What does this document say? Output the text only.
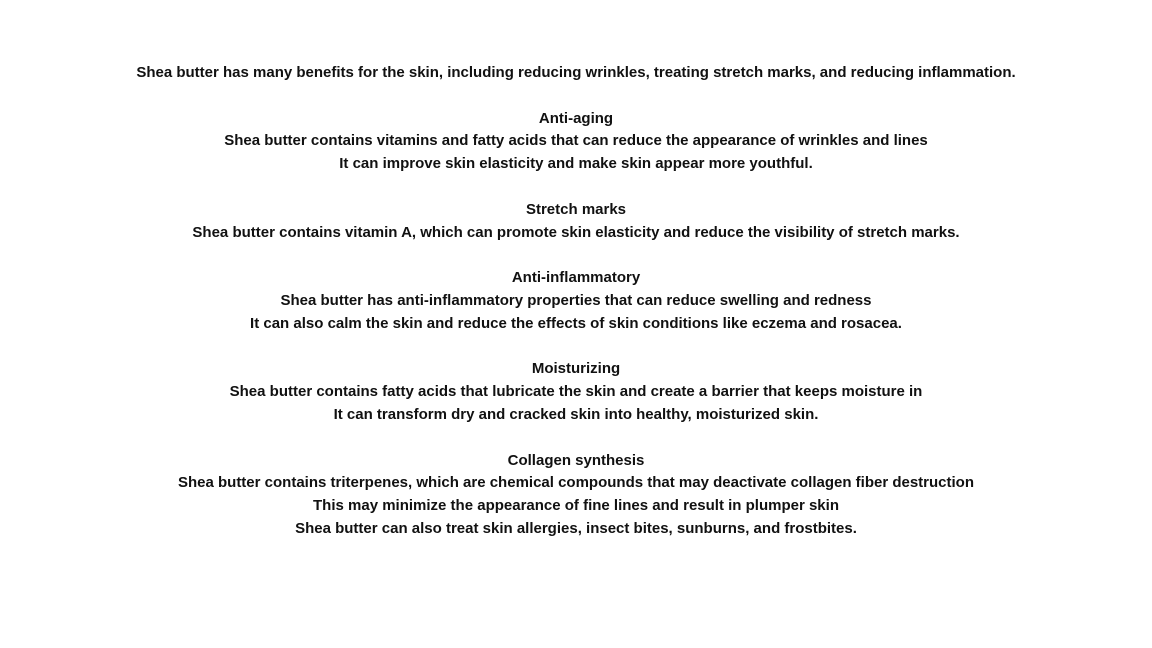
Shea butter has many benefits for the skin, including reducing wrinkles, treating stretch marks, and reducing inflammation.

Anti-aging
Shea butter contains vitamins and fatty acids that can reduce the appearance of wrinkles and lines
It can improve skin elasticity and make skin appear more youthful.

Stretch marks
Shea butter contains vitamin A, which can promote skin elasticity and reduce the visibility of stretch marks.

Anti-inflammatory
Shea butter has anti-inflammatory properties that can reduce swelling and redness
It can also calm the skin and reduce the effects of skin conditions like eczema and rosacea.

Moisturizing
Shea butter contains fatty acids that lubricate the skin and create a barrier that keeps moisture in
It can transform dry and cracked skin into healthy, moisturized skin.

Collagen synthesis
Shea butter contains triterpenes, which are chemical compounds that may deactivate collagen fiber destruction
This may minimize the appearance of fine lines and result in plumper skin
Shea butter can also treat skin allergies, insect bites, sunburns, and frostbites.
